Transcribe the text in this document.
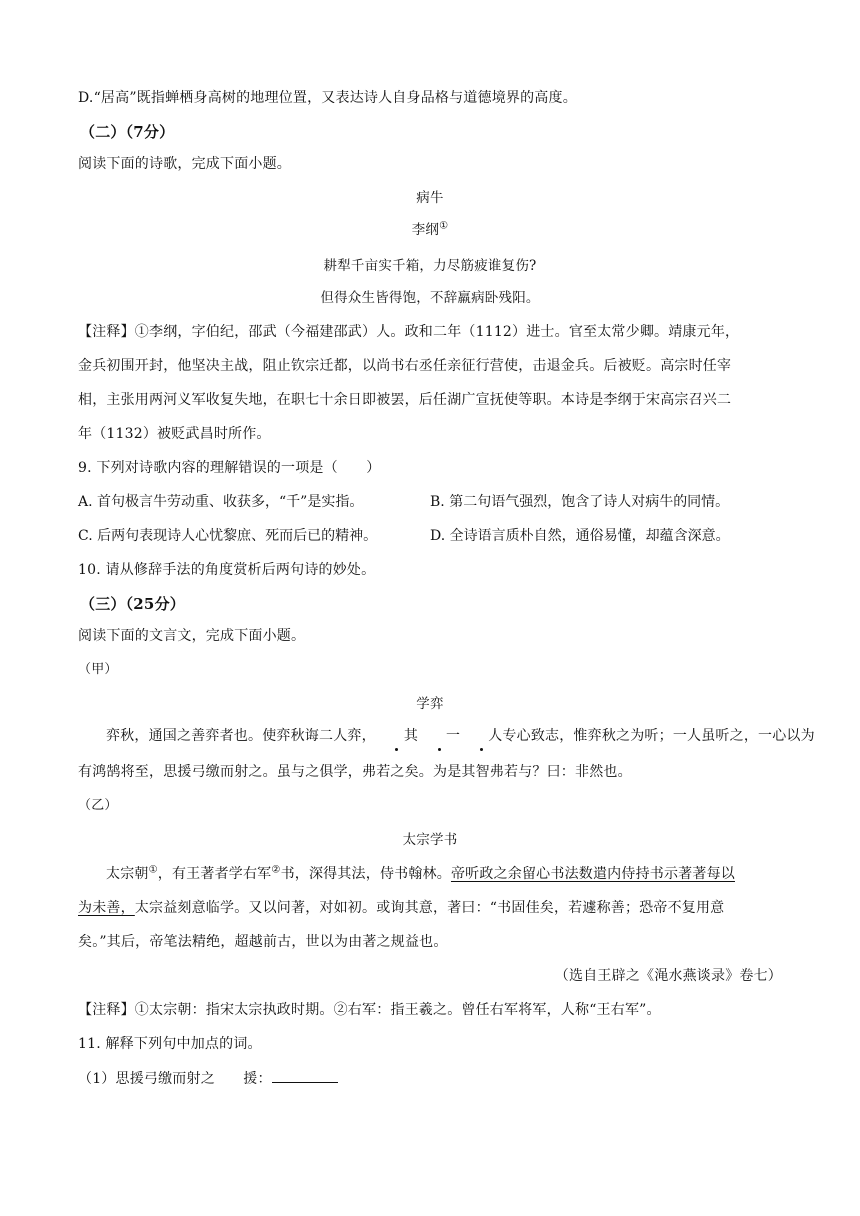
D.“居高”既指蝉栖身高树的地理位置，又表达诗人自身品格与道德境界的高度。
（二）（7分）
阅读下面的诗歌，完成下面小题。
病牛
李纲①
耕犁千亩实千箱，力尽筋疲谁复伤?
但得众生皆得饱，不辞羸病卧残阳。
【注释】①李纲，字伯纪，邵武（今福建邵武）人。政和二年（1112）进士。官至太常少卿。靖康元年，
金兵初围开封，他坚决主战，阻止钦宗迁都，以尚书右丞任亲征行营使，击退金兵。后被贬。高宗时任宰
相，主张用两河义军收复失地，在职七十余日即被罢，后任湖广宣抚使等职。本诗是李纲于宋高宗召兴二
年（1132）被贬武昌时所作。
9. 下列对诗歌内容的理解错误的一项是（　　）
A. 首句极言牛劳动重、收获多，“千”是实指。	B. 第二句语气强烈，饱含了诗人对病牛的同情。
C. 后两句表现诗人心忧黎庶、死而后已的精神。	D. 全诗语言质朴自然，通俗易懂，却蕴含深意。
10. 请从修辞手法的角度赏析后两句诗的妙处。
（三）（25分）
阅读下面的文言文，完成下面小题。
（甲）
学弈
弈秋，通国之善弈者也。使弈秋诲二人弈， 其 一 人专心致志，惟弈秋之为听；一人虽听之，一心以为
有鸿鹄将至，思援弓缴而射之。虽与之俱学，弗若之矣。为是其智弗若与？曰：非然也。
（乙）
太宗学书
太宗朝①，有王著者学右军②书，深得其法，侍书翰林。帝听政之余留心书法数遣内侍持书示著著每以
为未善，太宗益刻意临学。又以问著，对如初。或询其意，著曰：“书固佳矣，若遽称善；恐帝不复用意
矣。”其后，帝笔法精绝，超越前古，世以为由著之规益也。
（选自王辟之《渑水燕谈录》卷七）
【注释】①太宗朝：指宋太宗执政时期。②右军：指王羲之。曾任右军将军，人称“王右军”。
11. 解释下列句中加点的词。
（1）思援弓缴而射之　　援：
